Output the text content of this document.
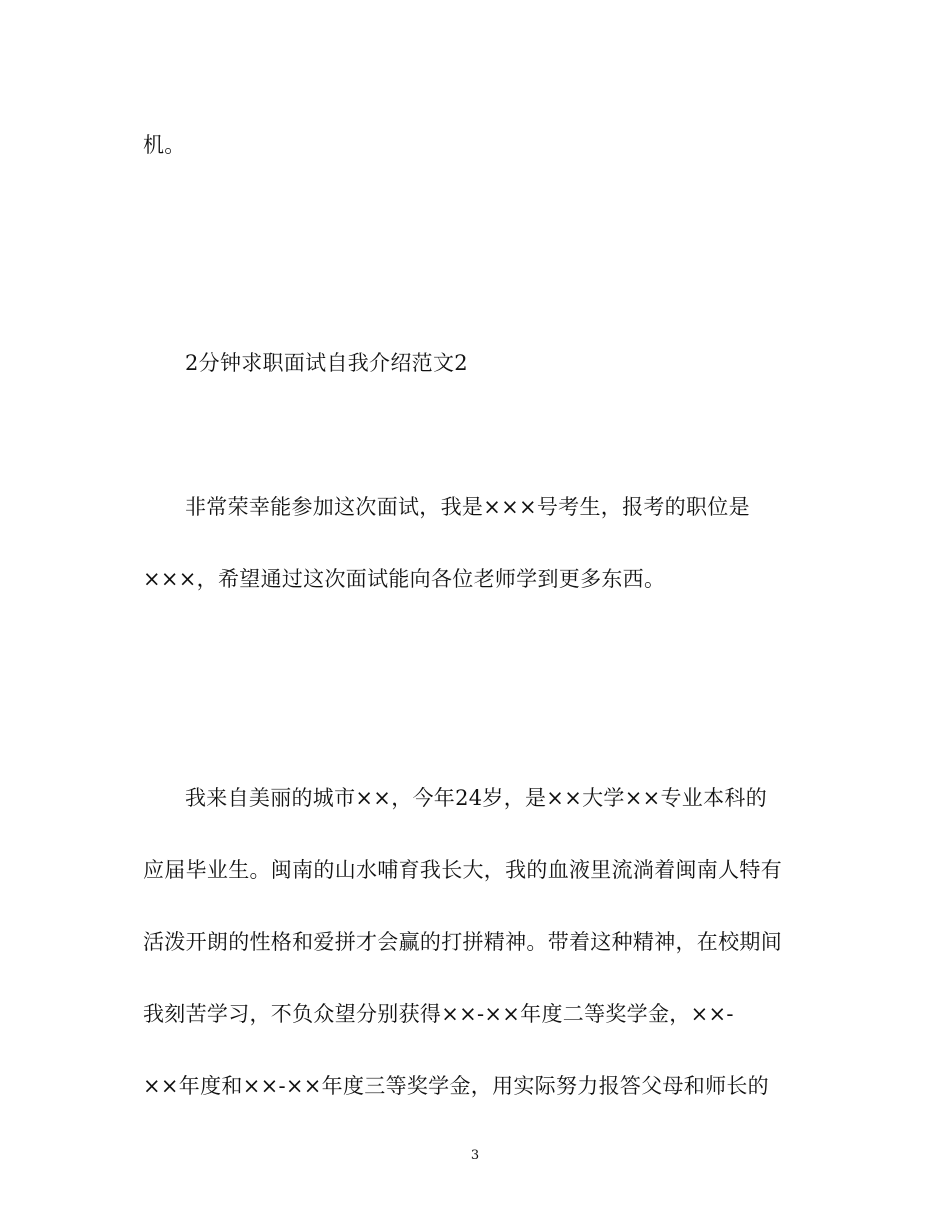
机。
2分钟求职面试自我介绍范文2
非常荣幸能参加这次面试，我是×××号考生，报考的职位是
×××，希望通过这次面试能向各位老师学到更多东西。
我来自美丽的城市××，今年24岁，是××大学××专业本科的
应届毕业生。闽南的山水哺育我长大，我的血液里流淌着闽南人特有
活泼开朗的性格和爱拼才会赢的打拼精神。带着这种精神，在校期间
我刻苦学习，不负众望分别获得××-××年度二等奖学金，××-
××年度和××-××年度三等奖学金，用实际努力报答父母和师长的
3
